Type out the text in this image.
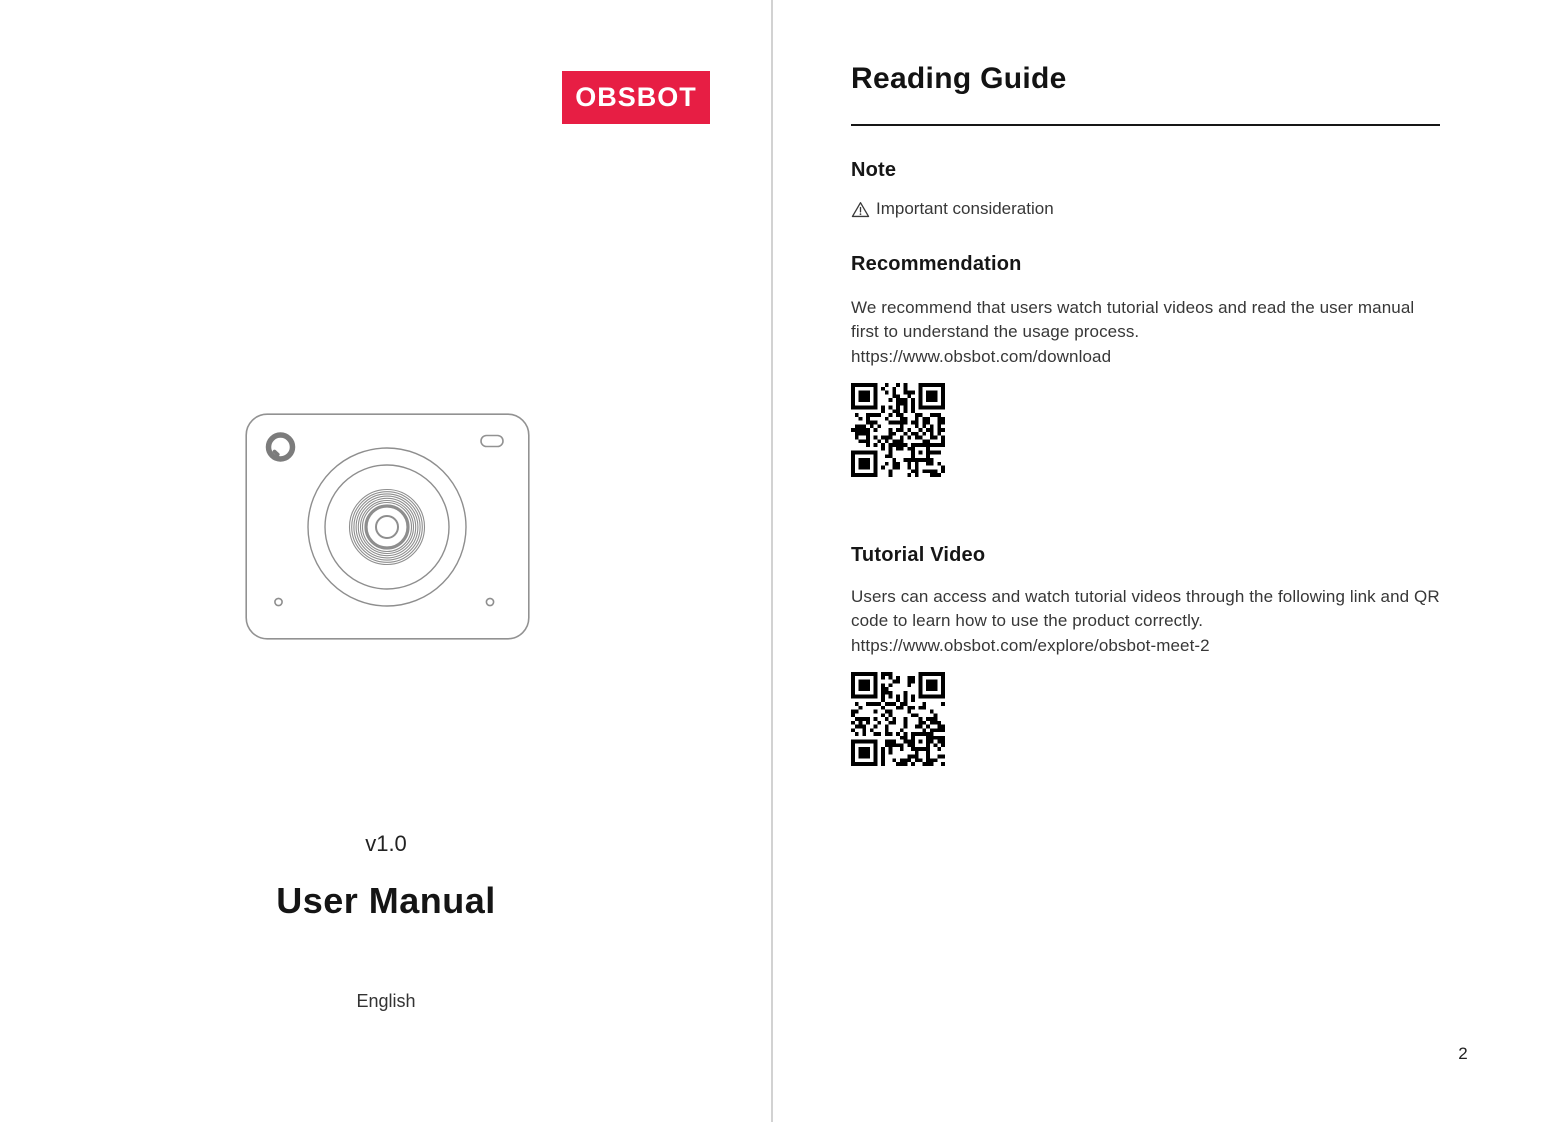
OBSBOT
v1.0
User Manual
English
Reading Guide
Note
Important consideration
Recommendation

We recommend that users watch tutorial videos and read the user manual first to understand the usage process.

https://www.obsbot.com/download

Tutorial Video

Users can access and watch tutorial videos through the following link and QR code to learn how to use the product correctly.

https://www.obsbot.com/explore/obsbot-meet-2

2
